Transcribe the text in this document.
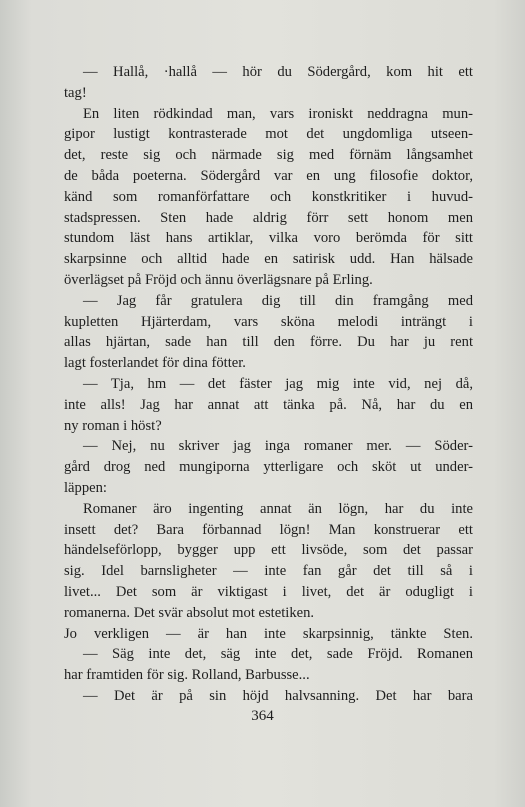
— Hallå, ·hallå — hör du Södergård, kom hit ett
tag!
En liten rödkindad man, vars ironiskt neddragna mun-
gipor lustigt kontrasterade mot det ungdomliga utseen-
det, reste sig och närmade sig med förnäm långsamhet
de båda poeterna. Södergård var en ung filosofie doktor,
känd som romanförfattare och konstkritiker i huvud-
stadspressen. Sten hade aldrig förr sett honom men
stundom läst hans artiklar, vilka voro berömda för sitt
skarpsinne och alltid hade en satirisk udd. Han hälsade
överlägset på Fröjd och ännu överlägsnare på Erling.
— Jag får gratulera dig till din framgång med
kupletten Hjärterdam, vars sköna melodi inträngt i
allas hjärtan, sade han till den förre. Du har ju rent
lagt fosterlandet för dina fötter.
— Tja, hm — det fäster jag mig inte vid, nej då,
inte alls! Jag har annat att tänka på. Nå, har du en
ny roman i höst?
— Nej, nu skriver jag inga romaner mer. — Söder-
gård drog ned mungiporna ytterligare och sköt ut under-
läppen:
Romaner äro ingenting annat än lögn, har du inte
insett det? Bara förbannad lögn! Man konstruerar ett
händelseförlopp, bygger upp ett livsöde, som det passar
sig. Idel barnsligheter — inte fan går det till så i
livet... Det som är viktigast i livet, det är odugligt i
romanerna. Det svär absolut mot estetiken.
Jo verkligen — är han inte skarpsinnig, tänkte Sten.
— Säg inte det, säg inte det, sade Fröjd. Romanen
har framtiden för sig. Rolland, Barbusse...
— Det är på sin höjd halvsanning. Det har bara
364
